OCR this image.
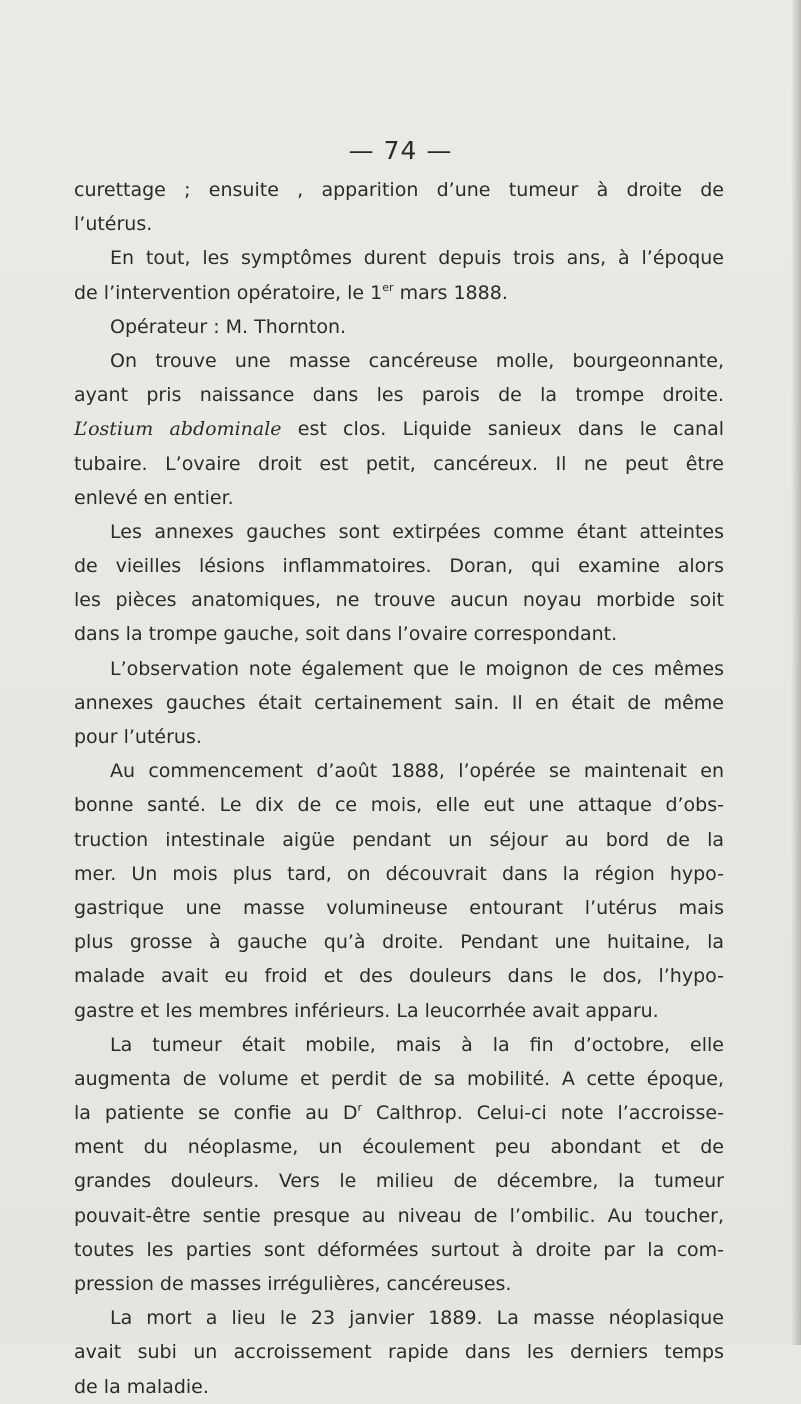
— 74 —
curettage ; ensuite , apparition d’une tumeur à droite de
l’utérus.
En tout, les symptômes durent depuis trois ans, à l’époque
de l’intervention opératoire, le 1er mars 1888.
Opérateur : M. Thornton.
On trouve une masse cancéreuse molle, bourgeonnante,
ayant pris naissance dans les parois de la trompe droite.
L’ostium abdominale est clos. Liquide sanieux dans le canal
tubaire. L’ovaire droit est petit, cancéreux. Il ne peut être
enlevé en entier.
Les annexes gauches sont extirpées comme étant atteintes
de vieilles lésions inflammatoires. Doran, qui examine alors
les pièces anatomiques, ne trouve aucun noyau morbide soit
dans la trompe gauche, soit dans l’ovaire correspondant.
L’observation note également que le moignon de ces mêmes
annexes gauches était certainement sain. Il en était de même
pour l’utérus.
Au commencement d’août 1888, l’opérée se maintenait en
bonne santé. Le dix de ce mois, elle eut une attaque d’obs-
truction intestinale aigüe pendant un séjour au bord de la
mer. Un mois plus tard, on découvrait dans la région hypo-
gastrique une masse volumineuse entourant l’utérus mais
plus grosse à gauche qu’à droite. Pendant une huitaine, la
malade avait eu froid et des douleurs dans le dos, l’hypo-
gastre et les membres inférieurs. La leucorrhée avait apparu.
La tumeur était mobile, mais à la fin d’octobre, elle
augmenta de volume et perdit de sa mobilité. A cette époque,
la patiente se confie au $D^r$ Calthrop. Celui-ci note l’accroisse-
ment du néoplasme, un écoulement peu abondant et de
grandes douleurs. Vers le milieu de décembre, la tumeur
pouvait-être sentie presque au niveau de l’ombilic. Au toucher,
toutes les parties sont déformées surtout à droite par la com-
pression de masses irrégulières, cancéreuses.
La mort a lieu le 23 janvier 1889. La masse néoplasique
avait subi un accroissement rapide dans les derniers temps
de la maladie.
